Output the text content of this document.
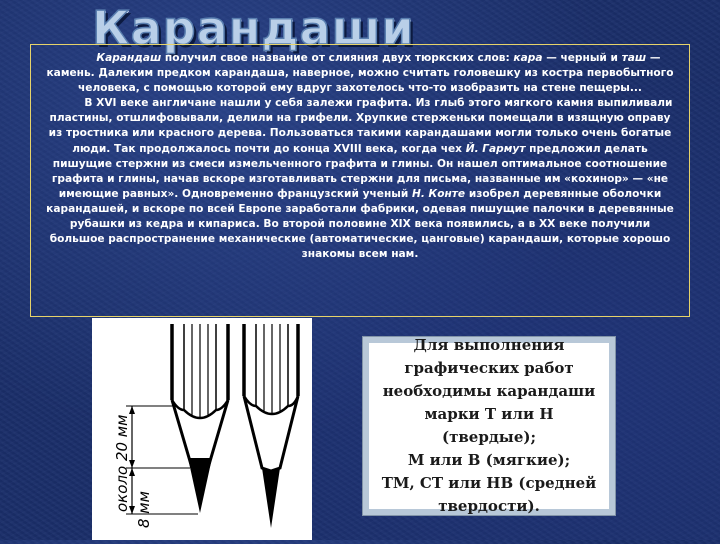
Карандаши

Карандаш получил свое название от слияния двух тюркских слов: кара — черный и таш — камень. Далеким предком карандаша, наверное, можно считать головешку из костра первобытного человека, с помощью которой ему вдруг захотелось что-то изобразить на стене пещеры...

В XVI веке англичане нашли у себя залежи графита. Из глыб этого мягкого камня выпиливали пластины, отшлифовывали, делили на грифели. Хрупкие стерженьки помещали в изящную оправу из тростника или красного дерева. Пользоваться такими карандашами могли только очень богатые люди. Так продолжалось почти до конца XVIII века, когда чех Й. Гармут предложил делать пишущие стержни из смеси измельченного графита и глины. Он нашел оптимальное соотношение графита и глины, начав вскоре изготавливать стержни для письма, названные им «кохинор» — «не имеющие равных». Одновременно французский ученый Н. Конте изобрел деревянные оболочки карандашей, и вскоре по всей Европе заработали фабрики, одевая пишущие палочки в деревянные рубашки из кедра и кипариса. Во второй половине XIX века появились, а в XX веке получили большое распространение механические (автоматические, цанговые) карандаши, которые хорошо знакомы всем нам.

около 20 мм 8 мм
Для выполнения
графических работ
необходимы карандаши
марки Т или Н (твердые);
М или В (мягкие);
ТМ, СТ или НВ (средней
твердости).
